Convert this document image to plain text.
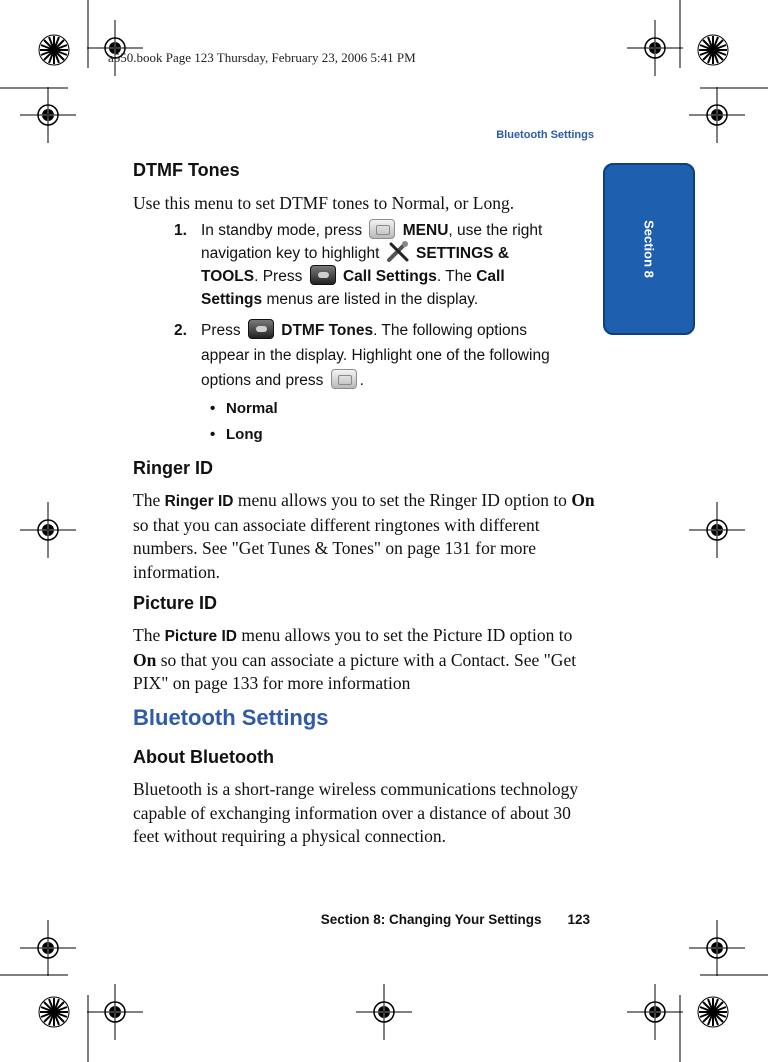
a550.book Page 123 Thursday, February 23, 2006 5:41 PM
Bluetooth Settings
Section 8
DTMF Tones

Use this menu to set DTMF tones to Normal, or Long.

1. In standby mode, press	MENU, use the right navigation key to highlight SETTINGS & TOOLS. Press	Call Settings. The Call Settings menus are listed in the display.
2. Press	DTMF Tones. The following options appear in the display. Highlight one of the following options and press .
• Normal
• Long
Ringer ID

The Ringer ID menu allows you to set the Ringer ID option to On so that you can associate different ringtones with different numbers. See "Get Tunes & Tones" on page 131 for more information.

Picture ID

The Picture ID menu allows you to set the Picture ID option to On so that you can associate a picture with a Contact. See "Get PIX" on page 133 for more information

Bluetooth Settings
About Bluetooth

Bluetooth is a short-range wireless communications technology capable of exchanging information over a distance of about 30 feet without requiring a physical connection.

Section 8: Changing Your Settings 123
